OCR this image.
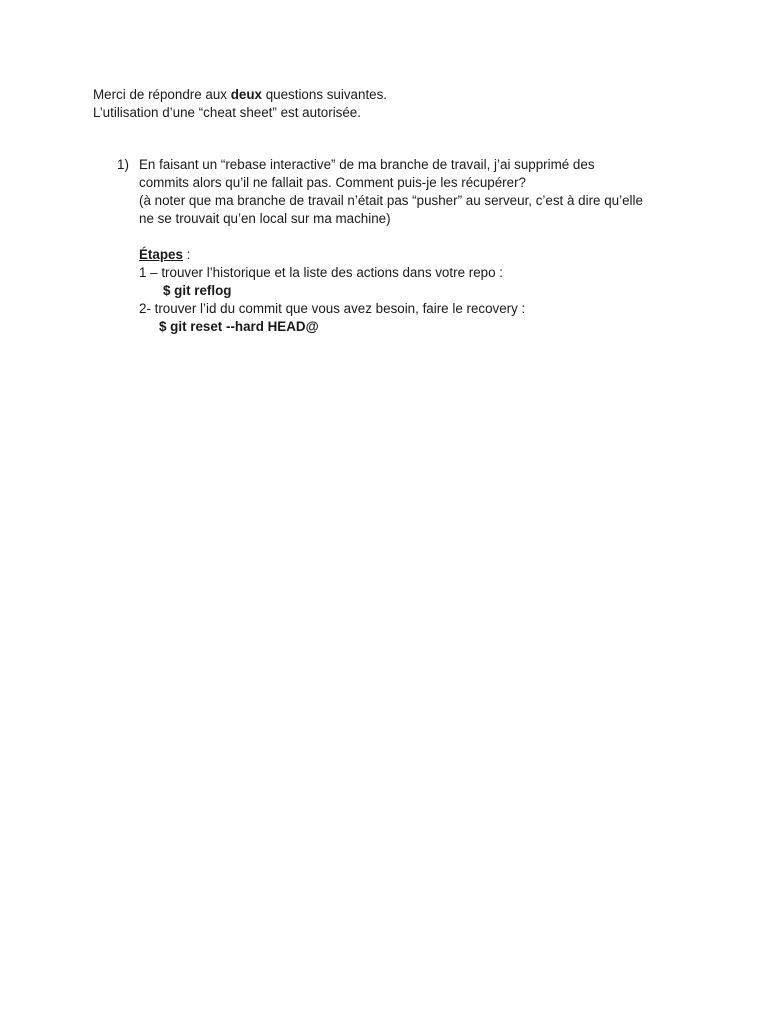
Merci de répondre aux deux questions suivantes.

L’utilisation d’une “cheat sheet” est autorisée.

1) En faisant un “rebase interactive” de ma branche de travail, j’ai supprimé des

commits alors qu’il ne fallait pas. Comment puis-je les récupérer?

(à noter que ma branche de travail n’était pas “pusher” au serveur, c’est à dire qu’elle

ne se trouvait qu’en local sur ma machine)

Étapes :

1 – trouver l’historique et la liste des actions dans votre repo :

$ git reflog

2- trouver l’id du commit que vous avez besoin, faire le recovery :

$ git reset --hard HEAD@
